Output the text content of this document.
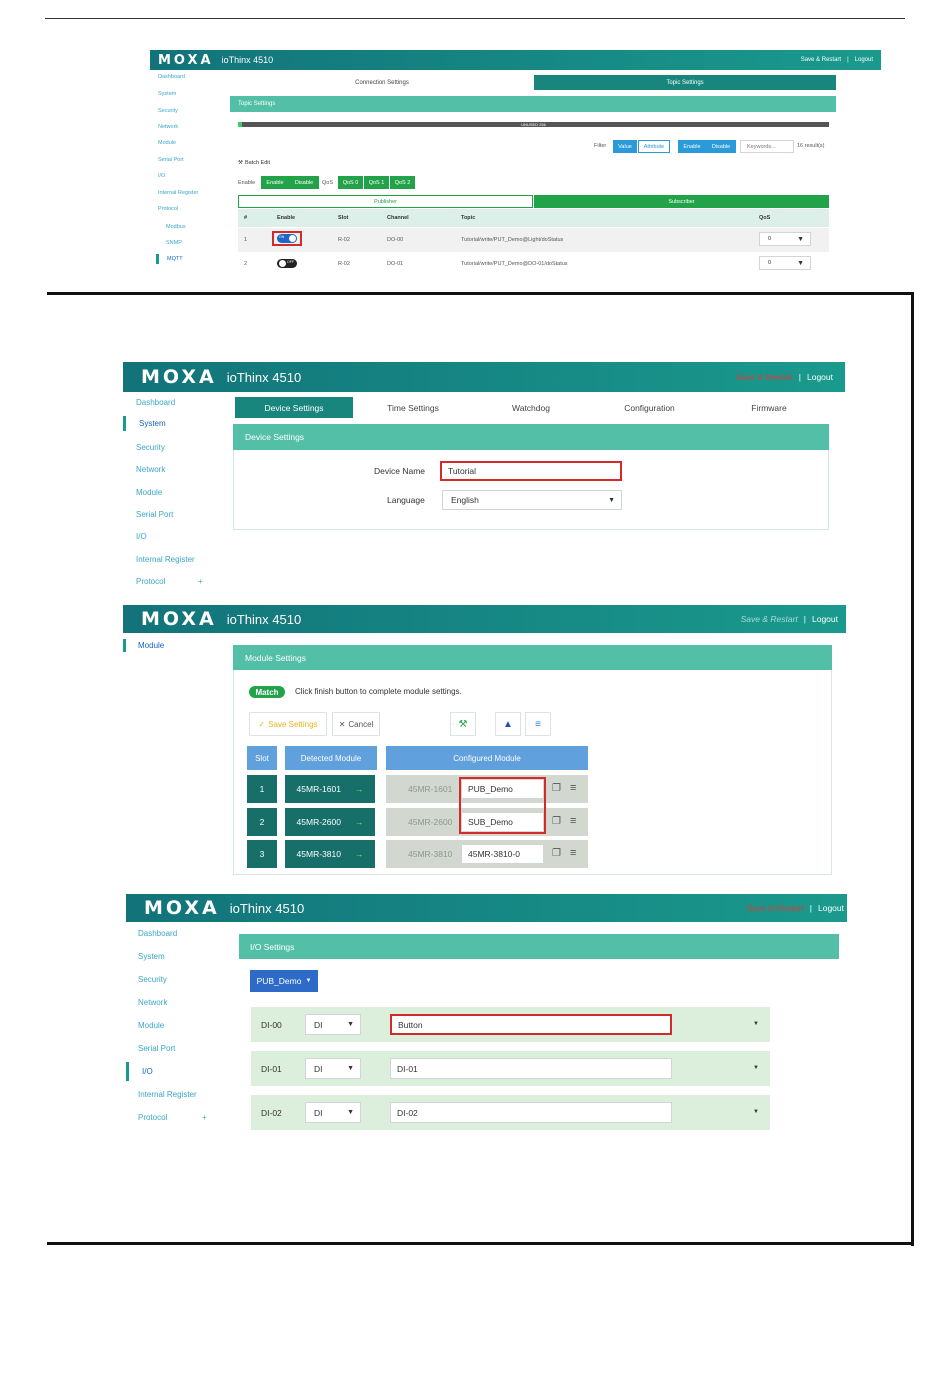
MOXA ioThinx 4510	Save & Restart | Logout
Dashboard
System
Security
Network
Module
Serial Port
I/O
Internal Register
Protocol
Modbus
SNMP
MQTT
Connection Settings	Topic Settings
Topic Settings
UNUSED 256
Filter	Value	Attribute	Enable	Disable	Keywords...	16 result(s)
⚒ Batch Edit
Enable	Enable	Disable	QoS	QoS 0	QoS 1	QoS 2
Publisher	Subscriber
#	Enable	Slot	Channel	Topic	QoS
1	ON	R-02	DO-00	Tutorial/write/PUT_Demo@Light/doStatus	0	▼
2	OFF	R-02	DO-01	Tutorial/write/PUT_Demo@DO-01/doStatus	0	▼
MOXA ioThinx 4510	Save & Restart | Logout
Dashboard
System
Security
Network
Module
Serial Port
I/O
Internal Register
Protocol	+
Device Settings	Time Settings	Watchdog	Configuration	Firmware
Device Settings
Device Name	Tutorial
Language	English	▼
MOXA ioThinx 4510	Save & Restart | Logout
Module
Module Settings
Match	Click finish button to complete module settings.
✓ Save Settings	✕ Cancel	⚒	▲	≡
Slot	Detected Module	Configured Module
1	45MR-1601 →	45MR-1601	PUB_Demo	❐ ≡
2	45MR-2600 →	45MR-2600	SUB_Demo	❐ ≡
3	45MR-3810 →	45MR-3810	45MR-3810-0	❐ ≡
MOXA ioThinx 4510	Save & Restart | Logout
Dashboard
System
Security
Network
Module
Serial Port
I/O
Internal Register
Protocol	+
I/O Settings
PUB_Demo ▼
DI-00	DI	▼	Button	▼
DI-01	DI	▼	DI-01	▼
DI-02	DI	▼	DI-02	▼
